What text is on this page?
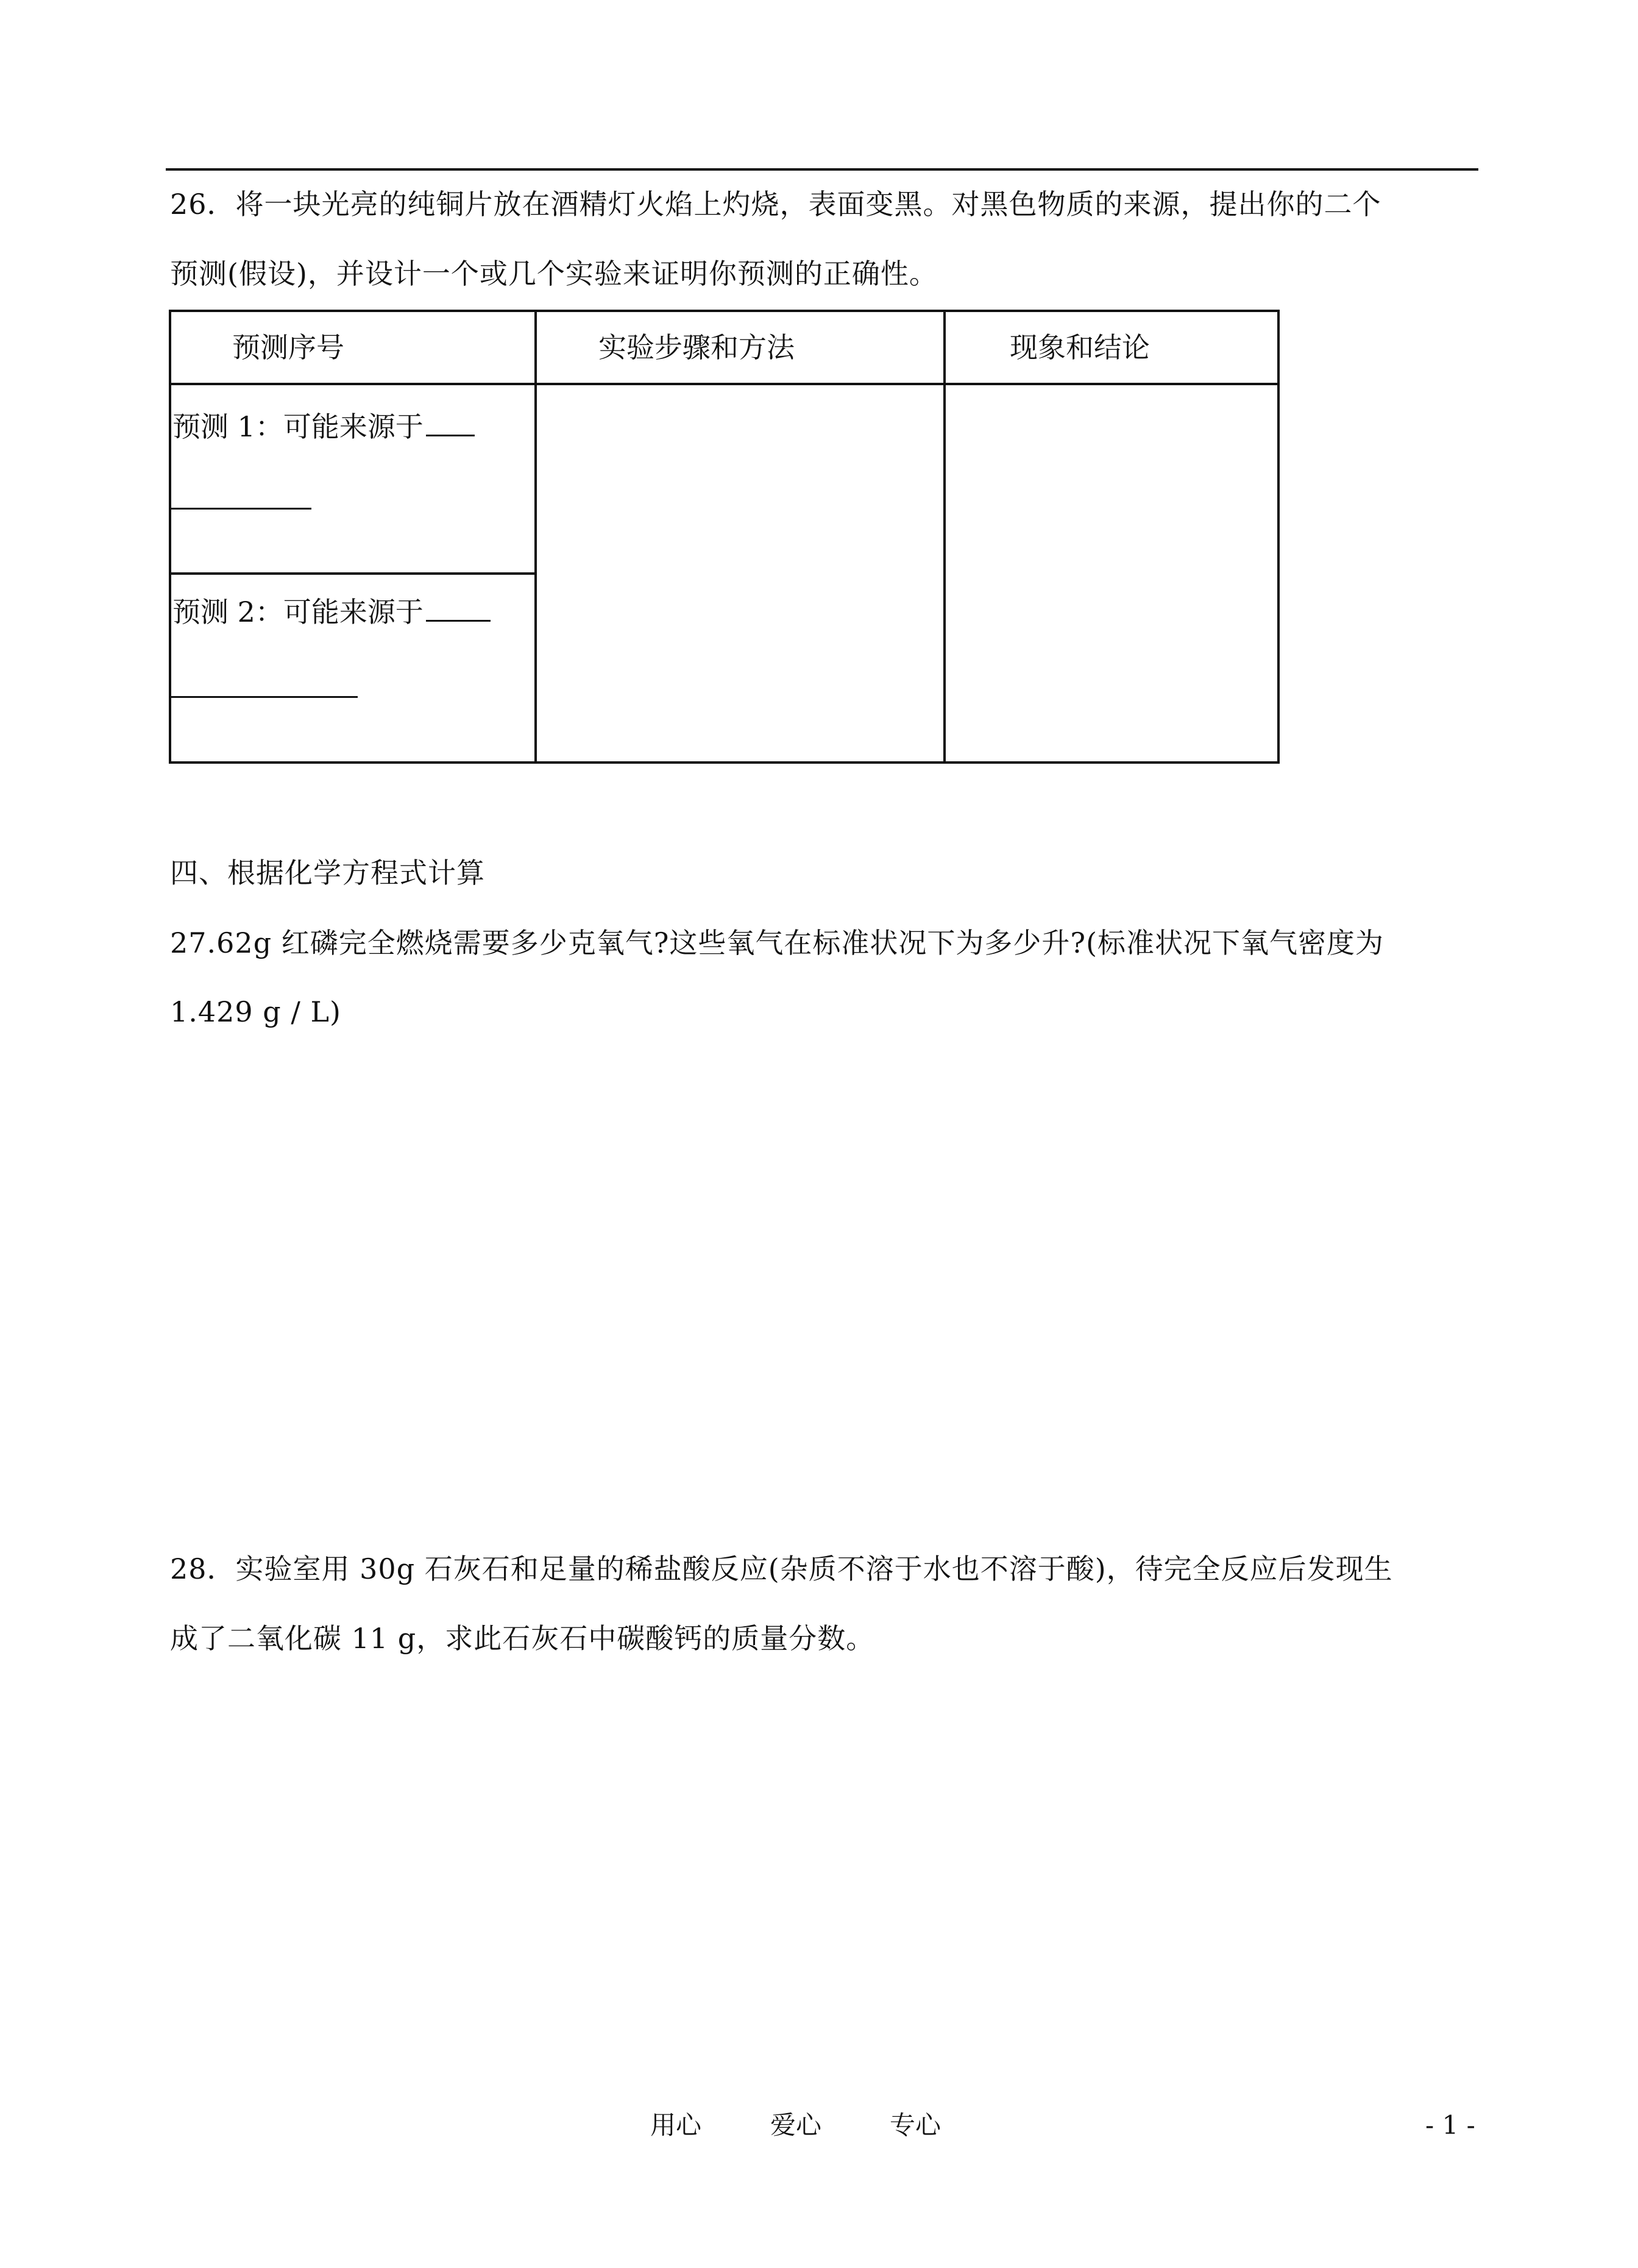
26．将一块光亮的纯铜片放在酒精灯火焰上灼烧，表面变黑。对黑色物质的来源，提出你的二个
预测(假设)，并设计一个或几个实验来证明你预测的正确性。
预测序号	实验步骤和方法	现象和结论
预测 1：可能来源于
预测 2：可能来源于
四、根据化学方程式计算
27.62g 红磷完全燃烧需要多少克氧气?这些氧气在标准状况下为多少升?(标准状况下氧气密度为
1.429 g / L)
28．实验室用 30g 石灰石和足量的稀盐酸反应(杂质不溶于水也不溶于酸)，待完全反应后发现生
成了二氧化碳 11 g，求此石灰石中碳酸钙的质量分数。
用心	爱心	专心	- 1 -
